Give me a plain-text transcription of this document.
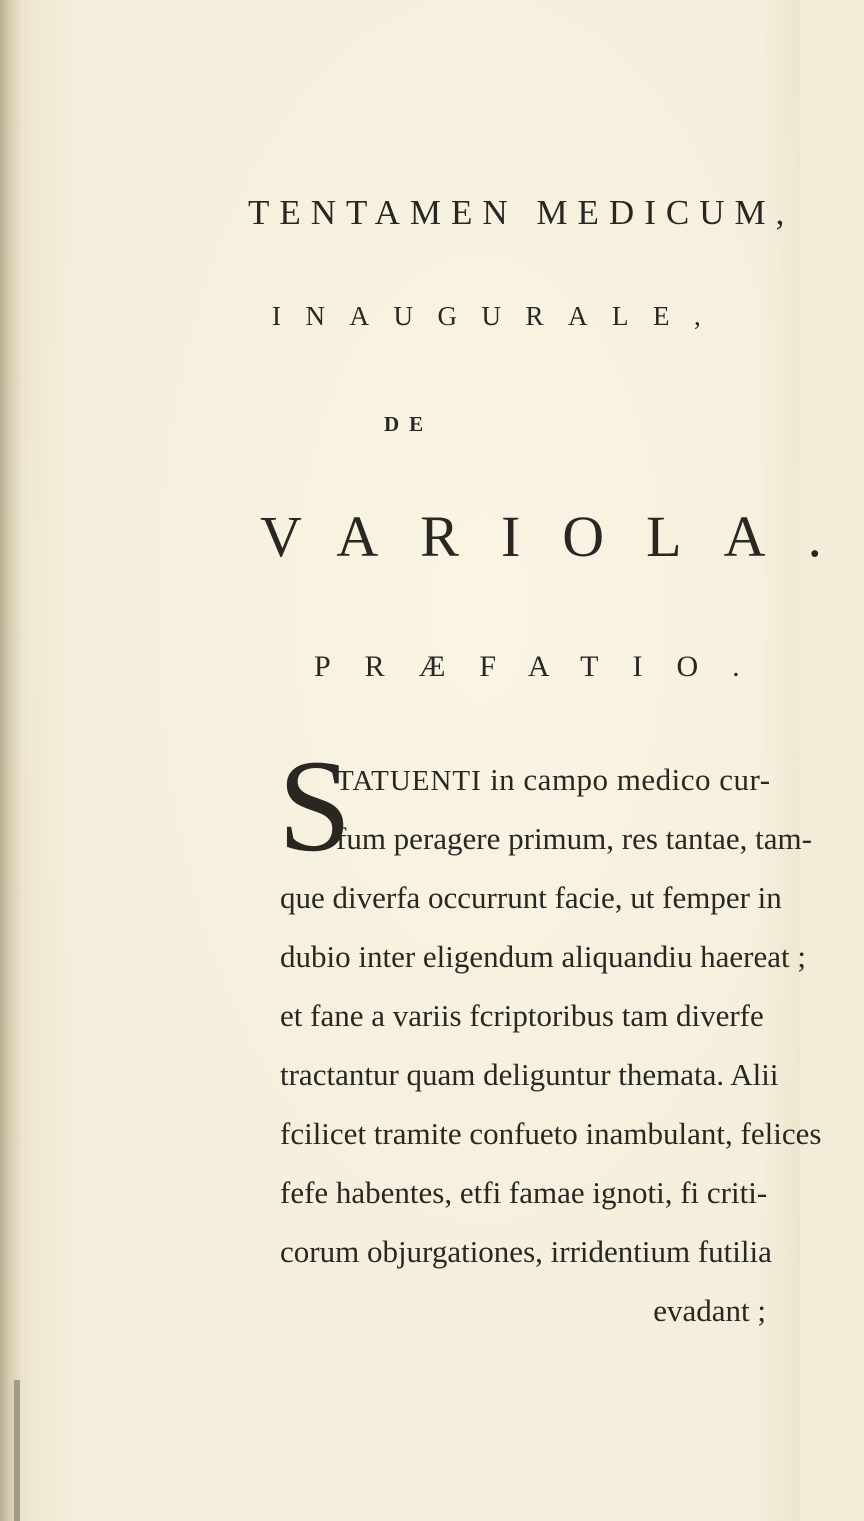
TENTAMEN MEDICUM,
INAUGURALE,
DE
VARIOLA.
PRÆFATIO.
S
TATUENTI in campo medico cur-
fum peragere primum, res tantae, tam-
que diverfa occurrunt facie, ut femper in
dubio inter eligendum aliquandiu haereat ;
et fane a variis fcriptoribus tam diverfe
tractantur quam deliguntur themata. Alii
fcilicet tramite confueto inambulant, felices
fefe habentes, etfi famae ignoti, fi criti-
corum objurgationes, irridentium futilia
evadant ;
